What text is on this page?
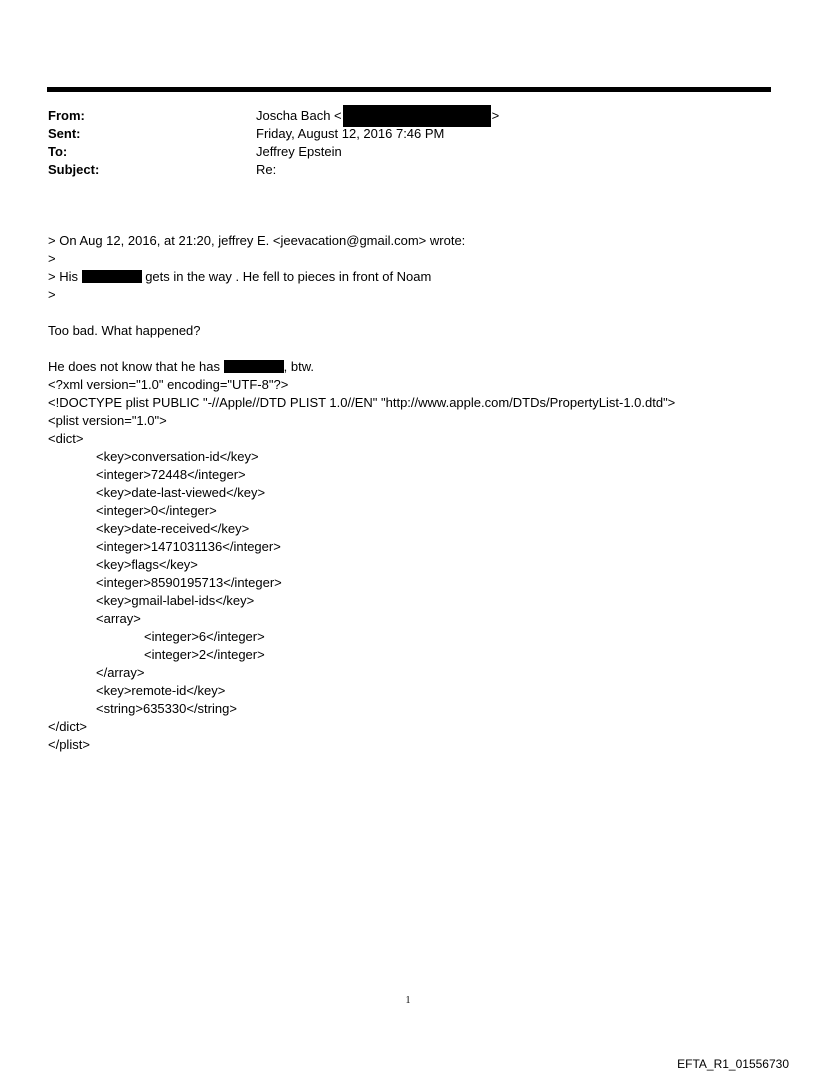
From:	Joscha Bach <	>
Sent:	Friday, August 12, 2016 7:46 PM
To:	Jeffrey Epstein
Subject:	Re:
> On Aug 12, 2016, at 21:20, jeffrey E. <jeevacation@gmail.com> wrote:
>
> His	gets in the way . He fell to pieces in front of Noam
>
Too bad. What happened?
He does not know that he has	, btw.
<?xml version="1.0" encoding="UTF-8"?>
<!DOCTYPE plist PUBLIC "-//Apple//DTD PLIST 1.0//EN" "http://www.apple.com/DTDs/PropertyList-1.0.dtd">
<plist version="1.0">
<dict>
<key>conversation-id</key>
<integer>72448</integer>
<key>date-last-viewed</key>
<integer>0</integer>
<key>date-received</key>
<integer>1471031136</integer>
<key>flags</key>
<integer>8590195713</integer>
<key>gmail-label-ids</key>
<array>
<integer>6</integer>
<integer>2</integer>
</array>
<key>remote-id</key>
<string>635330</string>
</dict>
</plist>
1
EFTA_R1_01556730
